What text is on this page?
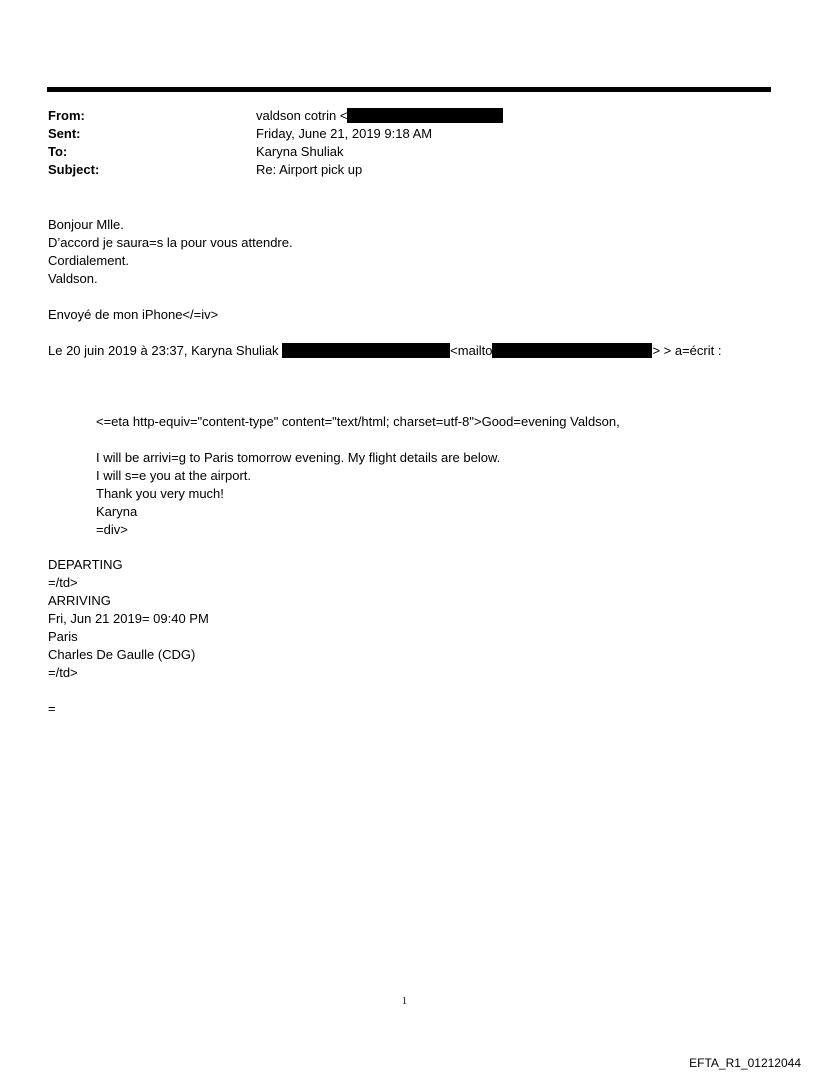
From:	valdson cotrin <
Sent:	Friday, June 21, 2019 9:18 AM
To:	Karyna Shuliak
Subject:	Re: Airport pick up
Bonjour Mlle.
D’accord je saura=s la pour vous attendre.
Cordialement.
Valdson.
Envoyé de mon iPhone</=iv>
Le 20 juin 2019 à 23:37, Karyna Shuliak	<mailto	> > a=écrit :
<=eta http-equiv="content-type" content="text/html; charset=utf-8">Good=evening Valdson,
I will be arrivi=g to Paris tomorrow evening. My flight details are below.
I will s=e you at the airport.
Thank you very much!
Karyna
=div>
DEPARTING
=/td>
ARRIVING
Fri, Jun 21 2019= 09:40 PM
Paris
Charles De Gaulle (CDG)
=/td>
=
1
EFTA_R1_01212044
